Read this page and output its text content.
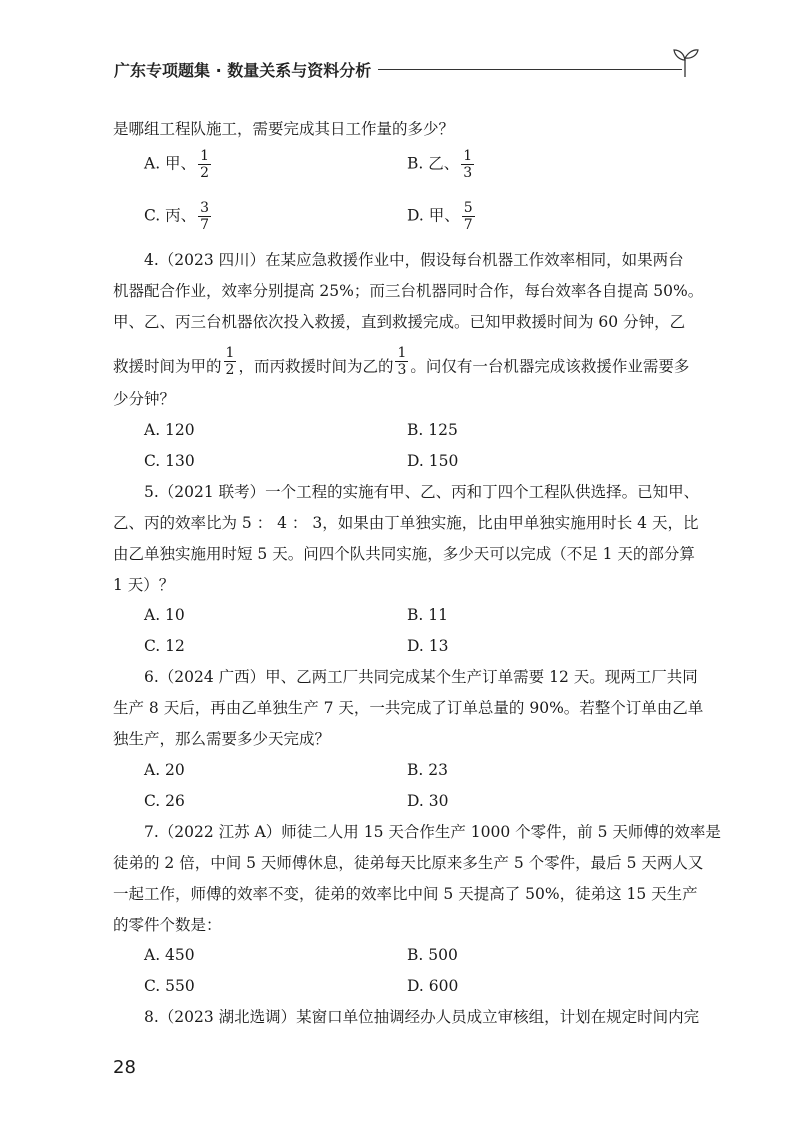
广东专项题集 · 数量关系与资料分析
是哪组工程队施工，需要完成其日工作量的多少？
A. 甲、 $\frac{1}{2}$	B. 乙、 $\frac{1}{3}$
C. 丙、 $\frac{3}{7}$	D. 甲、 $\frac{5}{7}$
4.（2023 四川）在某应急救援作业中，假设每台机器工作效率相同，如果两台
机器配合作业，效率分别提高 25%；而三台机器同时合作，每台效率各自提高 50%。
甲、乙、丙三台机器依次投入救援，直到救援完成。已知甲救援时间为 60 分钟，乙
救援时间为甲的 $\frac{1}{2}$ ，而丙救援时间为乙的 $\frac{1}{3}$ 。问仅有一台机器完成该救援作业需要多
少分钟？
A. 120	B. 125
C. 130	D. 150
5.（2021 联考）一个工程的实施有甲、乙、丙和丁四个工程队供选择。已知甲、
乙、丙的效率比为 5 ： 4 ： 3，如果由丁单独实施，比由甲单独实施用时长 4 天，比
由乙单独实施用时短 5 天。问四个队共同实施，多少天可以完成（不足 1 天的部分算
1 天）？
A. 10	B. 11
C. 12	D. 13
6.（2024 广西）甲、乙两工厂共同完成某个生产订单需要 12 天。现两工厂共同
生产 8 天后，再由乙单独生产 7 天，一共完成了订单总量的 90%。若整个订单由乙单
独生产，那么需要多少天完成？
A. 20	B. 23
C. 26	D. 30
7.（2022 江苏 A）师徒二人用 15 天合作生产 1000 个零件，前 5 天师傅的效率是
徒弟的 2 倍，中间 5 天师傅休息，徒弟每天比原来多生产 5 个零件，最后 5 天两人又
一起工作，师傅的效率不变，徒弟的效率比中间 5 天提高了 50%，徒弟这 15 天生产
的零件个数是：
A. 450	B. 500
C. 550	D. 600
8.（2023 湖北选调）某窗口单位抽调经办人员成立审核组，计划在规定时间内完
28
